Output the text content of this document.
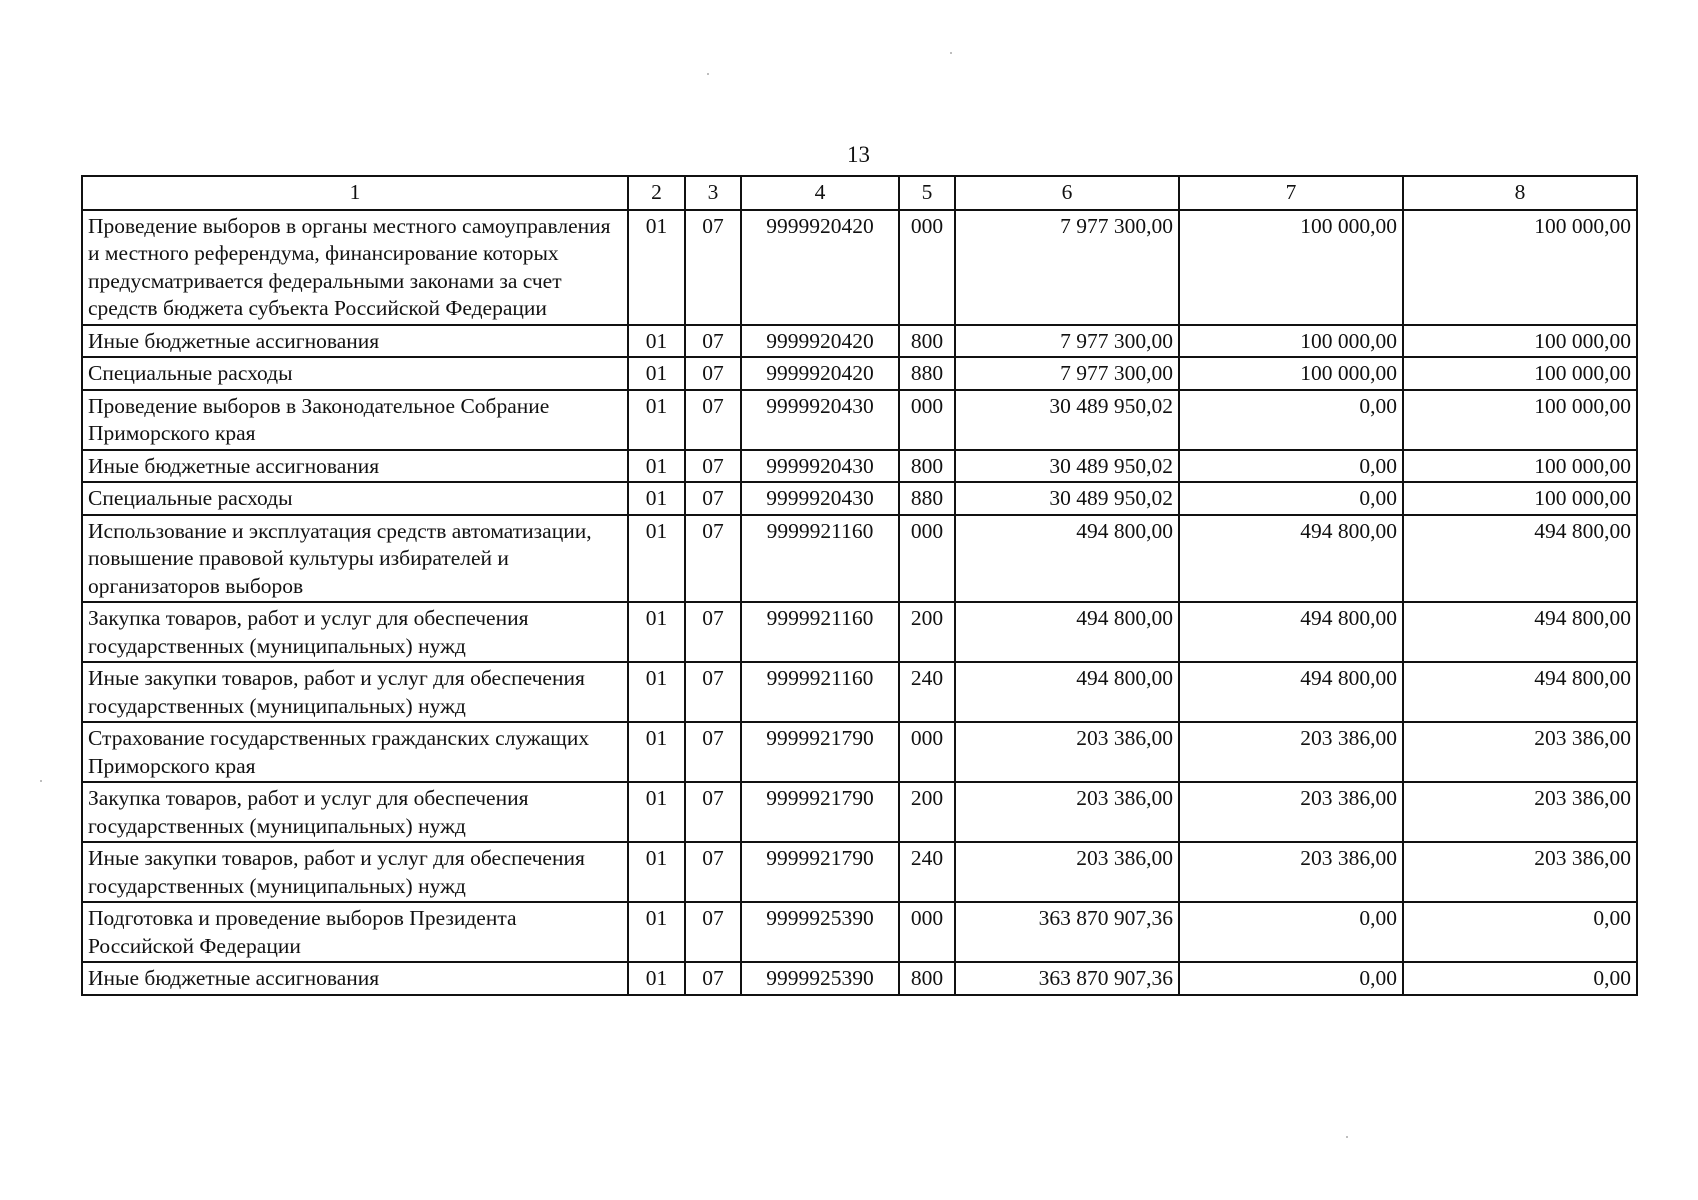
13
1	2	3	4	5	6	7	8
Проведение выборов в органы местного самоуправления и местного референдума, финансирование которых предусматривается федеральными законами за счет средств бюджета субъекта Российской Федерации	01	07	9999920420	000	7 977 300,00	100 000,00	100 000,00
Иные бюджетные ассигнования	01	07	9999920420	800	7 977 300,00	100 000,00	100 000,00
Специальные расходы	01	07	9999920420	880	7 977 300,00	100 000,00	100 000,00
Проведение выборов в Законодательное Собрание Приморского края	01	07	9999920430	000	30 489 950,02	0,00	100 000,00
Иные бюджетные ассигнования	01	07	9999920430	800	30 489 950,02	0,00	100 000,00
Специальные расходы	01	07	9999920430	880	30 489 950,02	0,00	100 000,00
Использование и эксплуатация средств автоматизации, повышение правовой культуры избирателей и организаторов выборов	01	07	9999921160	000	494 800,00	494 800,00	494 800,00
Закупка товаров, работ и услуг для обеспечения государственных (муниципальных) нужд	01	07	9999921160	200	494 800,00	494 800,00	494 800,00
Иные закупки товаров, работ и услуг для обеспечения государственных (муниципальных) нужд	01	07	9999921160	240	494 800,00	494 800,00	494 800,00
Страхование государственных гражданских служащих Приморского края	01	07	9999921790	000	203 386,00	203 386,00	203 386,00
Закупка товаров, работ и услуг для обеспечения государственных (муниципальных) нужд	01	07	9999921790	200	203 386,00	203 386,00	203 386,00
Иные закупки товаров, работ и услуг для обеспечения государственных (муниципальных) нужд	01	07	9999921790	240	203 386,00	203 386,00	203 386,00
Подготовка и проведение выборов Президента Российской Федерации	01	07	9999925390	000	363 870 907,36	0,00	0,00
Иные бюджетные ассигнования	01	07	9999925390	800	363 870 907,36	0,00	0,00
